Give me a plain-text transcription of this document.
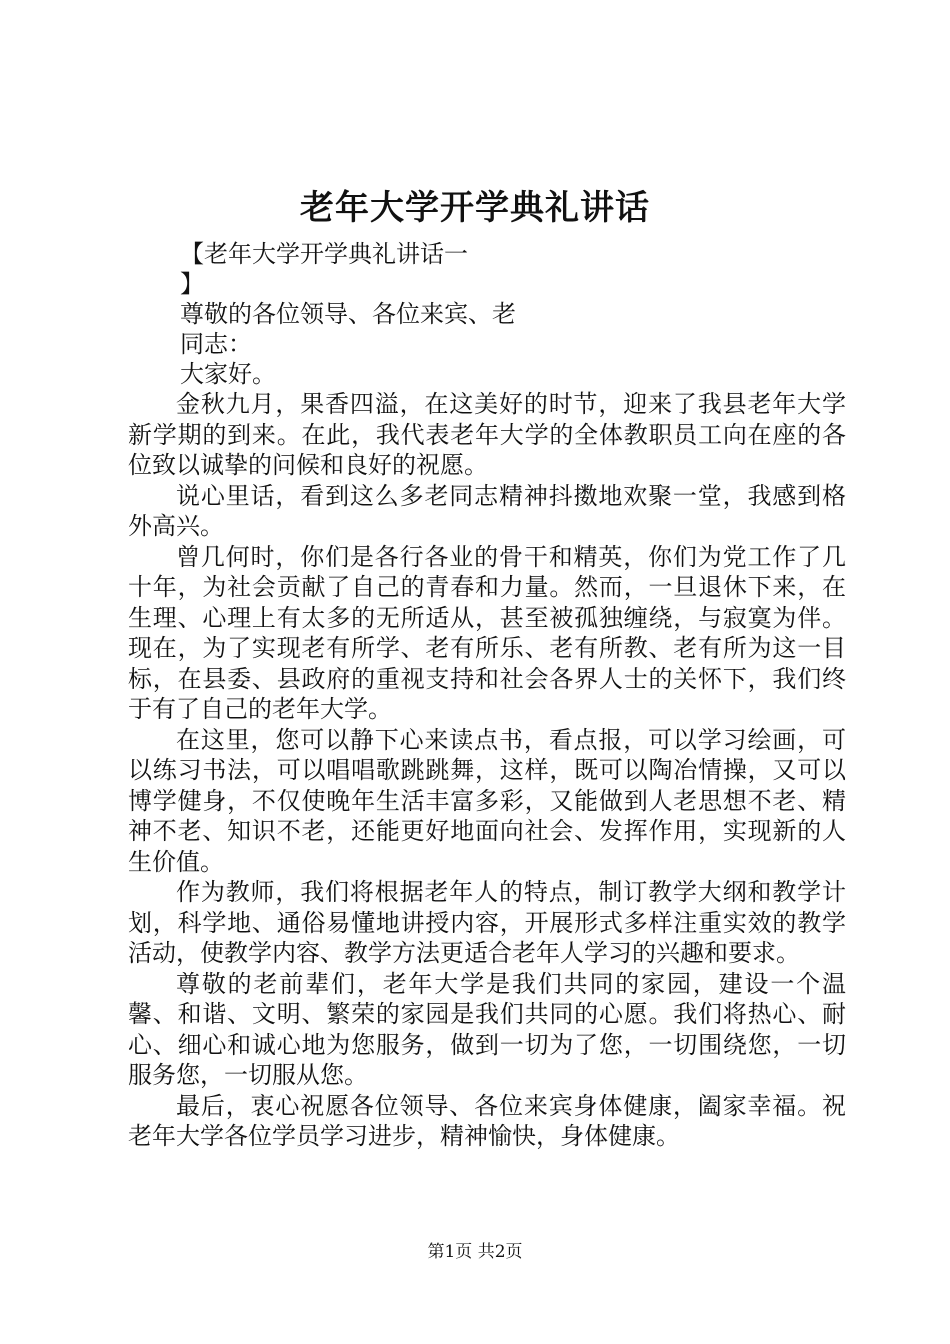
老年大学开学典礼讲话
【老年大学开学典礼讲话一
】
尊敬的各位领导、各位来宾、老
同志：
大家好。

金秋九月，果香四溢，在这美好的时节，迎来了我县老年大学新学期的到来。在此，我代表老年大学的全体教职员工向在座的各位致以诚挚的问候和良好的祝愿。

说心里话，看到这么多老同志精神抖擞地欢聚一堂，我感到格外高兴。

曾几何时，你们是各行各业的骨干和精英，你们为党工作了几十年，为社会贡献了自己的青春和力量。然而，一旦退休下来，在生理、心理上有太多的无所适从，甚至被孤独缠绕，与寂寞为伴。现在，为了实现老有所学、老有所乐、老有所教、老有所为这一目标，在县委、县政府的重视支持和社会各界人士的关怀下，我们终于有了自己的老年大学。

在这里，您可以静下心来读点书，看点报，可以学习绘画，可以练习书法，可以唱唱歌跳跳舞，这样，既可以陶冶情操，又可以博学健身，不仅使晚年生活丰富多彩，又能做到人老思想不老、精神不老、知识不老，还能更好地面向社会、发挥作用，实现新的人生价值。

作为教师，我们将根据老年人的特点，制订教学大纲和教学计划，科学地、通俗易懂地讲授内容，开展形式多样注重实效的教学活动，使教学内容、教学方法更适合老年人学习的兴趣和要求。

尊敬的老前辈们，老年大学是我们共同的家园，建设一个温馨、和谐、文明、繁荣的家园是我们共同的心愿。我们将热心、耐心、细心和诚心地为您服务，做到一切为了您，一切围绕您，一切服务您，一切服从您。

最后，衷心祝愿各位领导、各位来宾身体健康，阖家幸福。祝老年大学各位学员学习进步，精神愉快，身体健康。

第1页 共2页
